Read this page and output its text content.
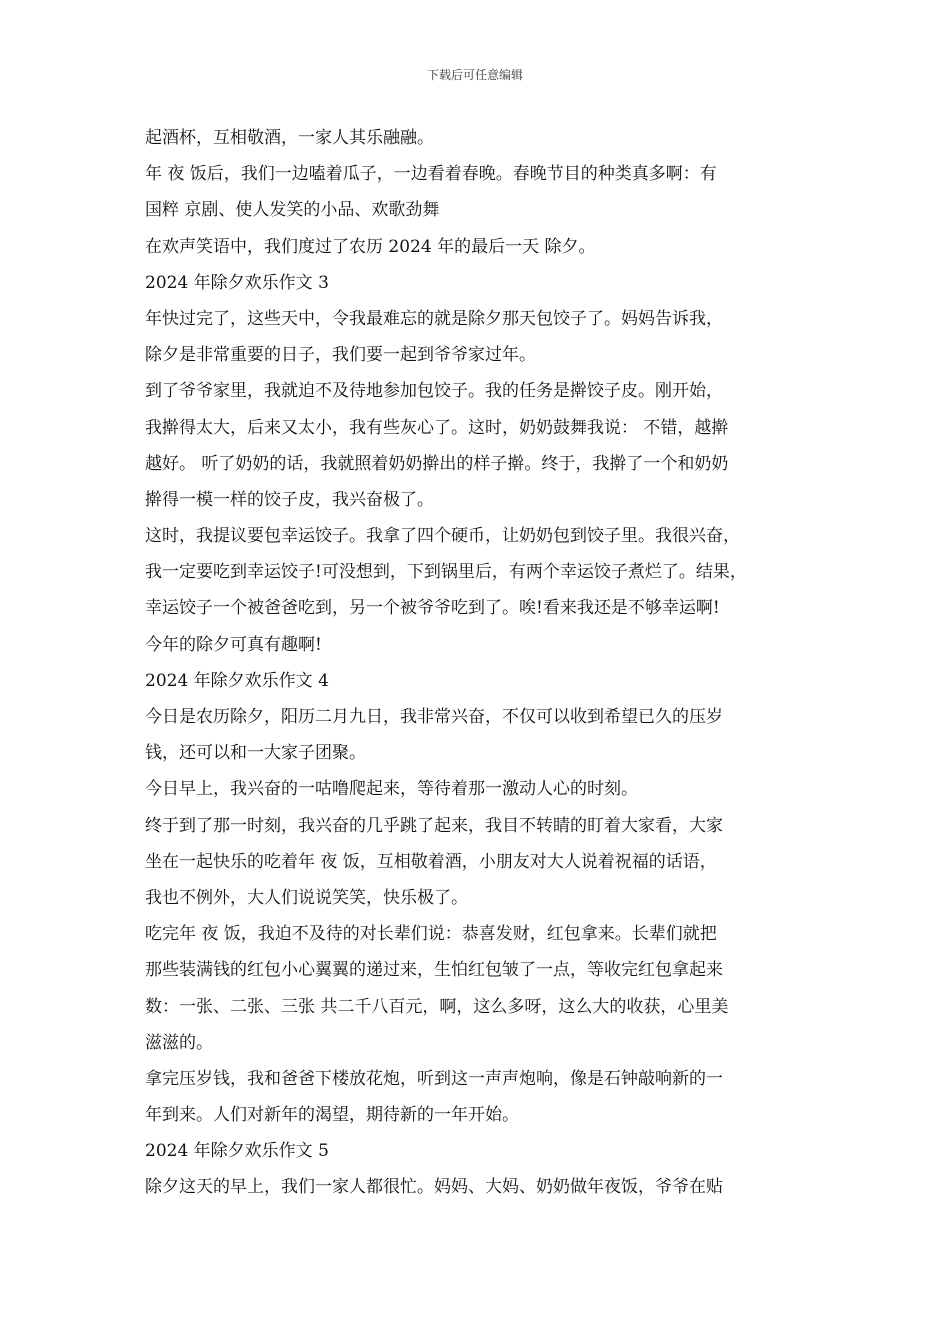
下载后可任意编辑
起酒杯，互相敬酒，一家人其乐融融。
年 夜 饭后，我们一边嗑着瓜子，一边看着春晚。春晚节目的种类真多啊：有
国粹 京剧、使人发笑的小品、欢歌劲舞
在欢声笑语中，我们度过了农历 2024 年的最后一天 除夕。
2024 年除夕欢乐作文 3
年快过完了，这些天中，令我最难忘的就是除夕那天包饺子了。妈妈告诉我，
除夕是非常重要的日子，我们要一起到爷爷家过年。
到了爷爷家里，我就迫不及待地参加包饺子。我的任务是擀饺子皮。刚开始，
我擀得太大，后来又太小，我有些灰心了。这时，奶奶鼓舞我说： 不错，越擀
越好。 听了奶奶的话，我就照着奶奶擀出的样子擀。终于，我擀了一个和奶奶
擀得一模一样的饺子皮，我兴奋极了。
这时，我提议要包幸运饺子。我拿了四个硬币，让奶奶包到饺子里。我很兴奋，
我一定要吃到幸运饺子!可没想到，下到锅里后，有两个幸运饺子煮烂了。结果，
幸运饺子一个被爸爸吃到，另一个被爷爷吃到了。唉!看来我还是不够幸运啊!
今年的除夕可真有趣啊!
2024 年除夕欢乐作文 4
今日是农历除夕，阳历二月九日，我非常兴奋，不仅可以收到希望已久的压岁
钱，还可以和一大家子团聚。
今日早上，我兴奋的一咕噜爬起来，等待着那一激动人心的时刻。
终于到了那一时刻，我兴奋的几乎跳了起来，我目不转睛的盯着大家看，大家
坐在一起快乐的吃着年 夜 饭，互相敬着酒，小朋友对大人说着祝福的话语，
我也不例外，大人们说说笑笑，快乐极了。
吃完年 夜 饭，我迫不及待的对长辈们说：恭喜发财，红包拿来。长辈们就把
那些装满钱的红包小心翼翼的递过来，生怕红包皱了一点，等收完红包拿起来
数：一张、二张、三张 共二千八百元，啊，这么多呀，这么大的收获，心里美
滋滋的。
拿完压岁钱，我和爸爸下楼放花炮，听到这一声声炮响，像是石钟敲响新的一
年到来。人们对新年的渴望，期待新的一年开始。
2024 年除夕欢乐作文 5
除夕这天的早上，我们一家人都很忙。妈妈、大妈、奶奶做年夜饭，爷爷在贴
